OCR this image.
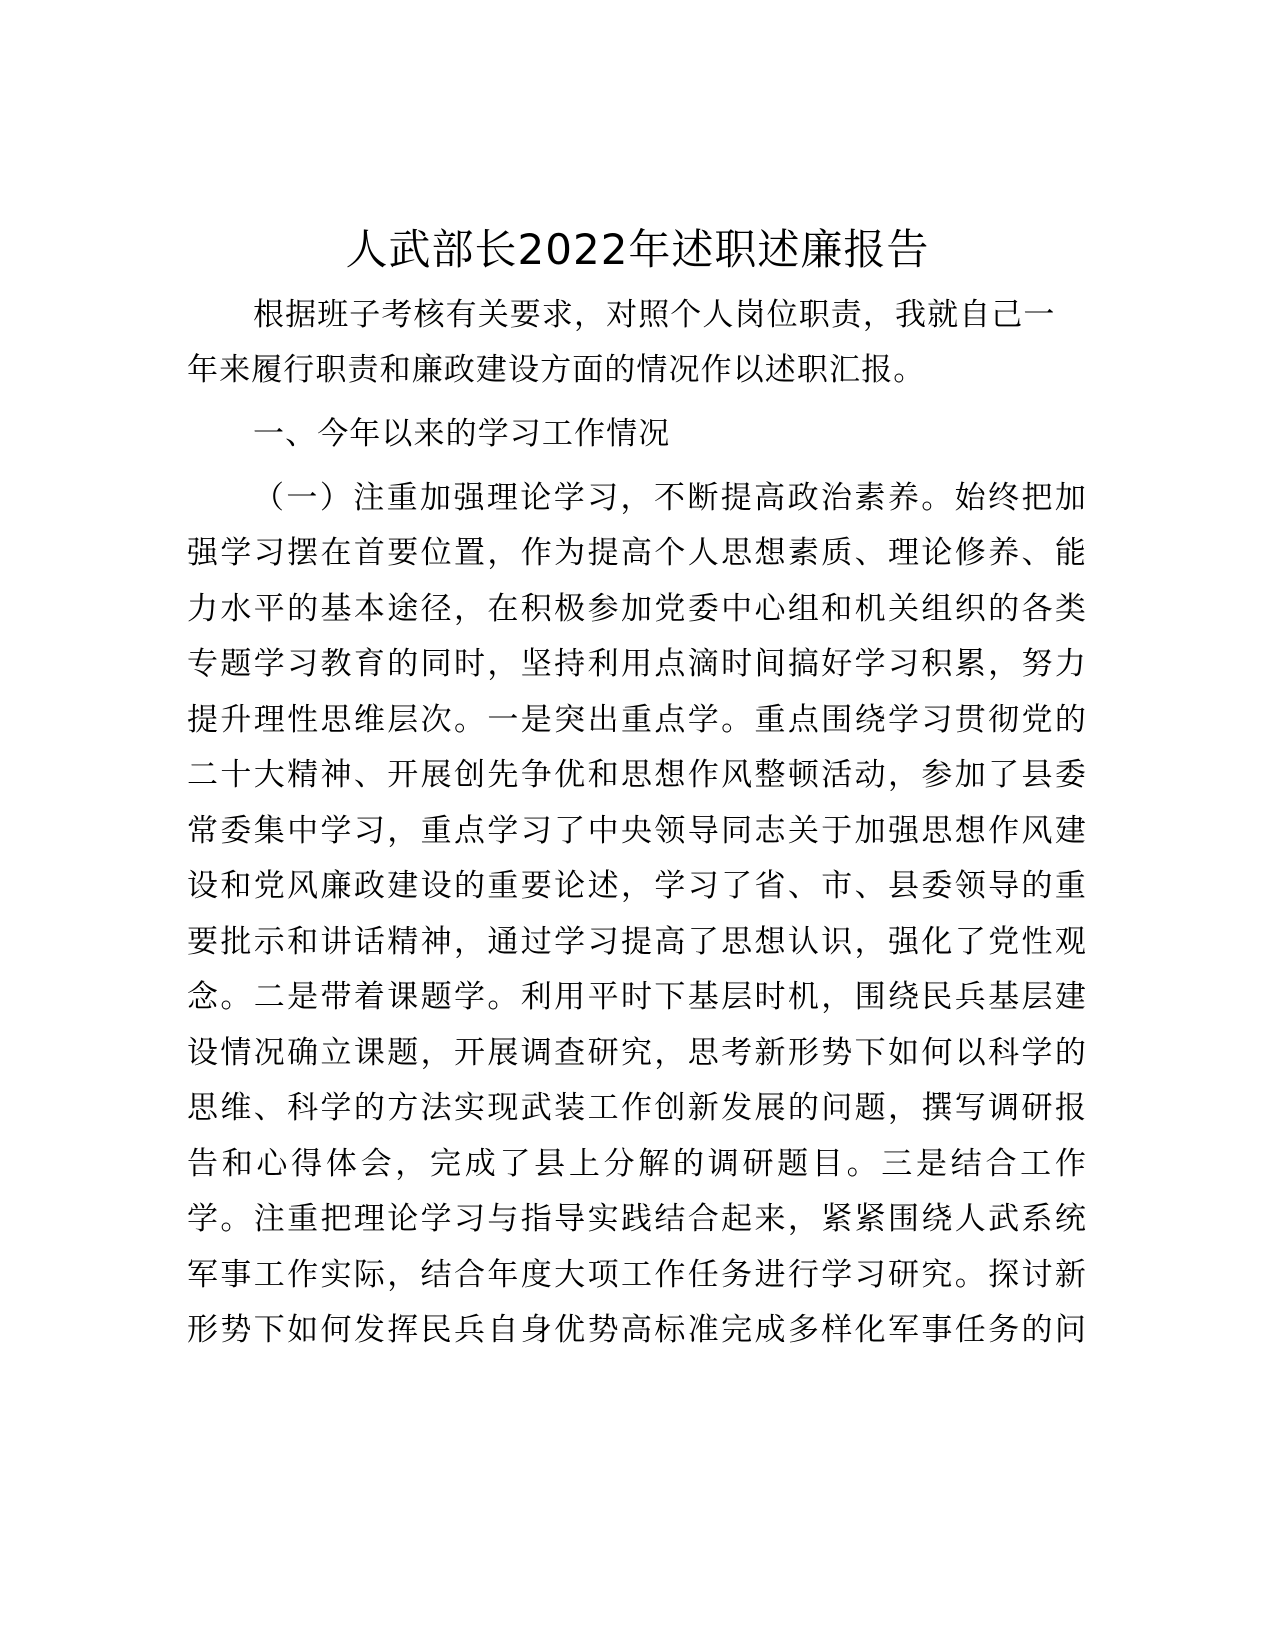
人武部长2022年述职述廉报告
根据班子考核有关要求，对照个人岗位职责，我就自己一
年来履行职责和廉政建设方面的情况作以述职汇报。
一、今年以来的学习工作情况
（一）注重加强理论学习，不断提高政治素养。始终把加
强学习摆在首要位置，作为提高个人思想素质、理论修养、能
力水平的基本途径，在积极参加党委中心组和机关组织的各类
专题学习教育的同时，坚持利用点滴时间搞好学习积累，努力
提升理性思维层次。一是突出重点学。重点围绕学习贯彻党的
二十大精神、开展创先争优和思想作风整顿活动，参加了县委
常委集中学习，重点学习了中央领导同志关于加强思想作风建
设和党风廉政建设的重要论述，学习了省、市、县委领导的重
要批示和讲话精神，通过学习提高了思想认识，强化了党性观
念。二是带着课题学。利用平时下基层时机，围绕民兵基层建
设情况确立课题，开展调查研究，思考新形势下如何以科学的
思维、科学的方法实现武装工作创新发展的问题，撰写调研报
告和心得体会，完成了县上分解的调研题目。三是结合工作
学。注重把理论学习与指导实践结合起来，紧紧围绕人武系统
军事工作实际，结合年度大项工作任务进行学习研究。探讨新
形势下如何发挥民兵自身优势高标准完成多样化军事任务的问
